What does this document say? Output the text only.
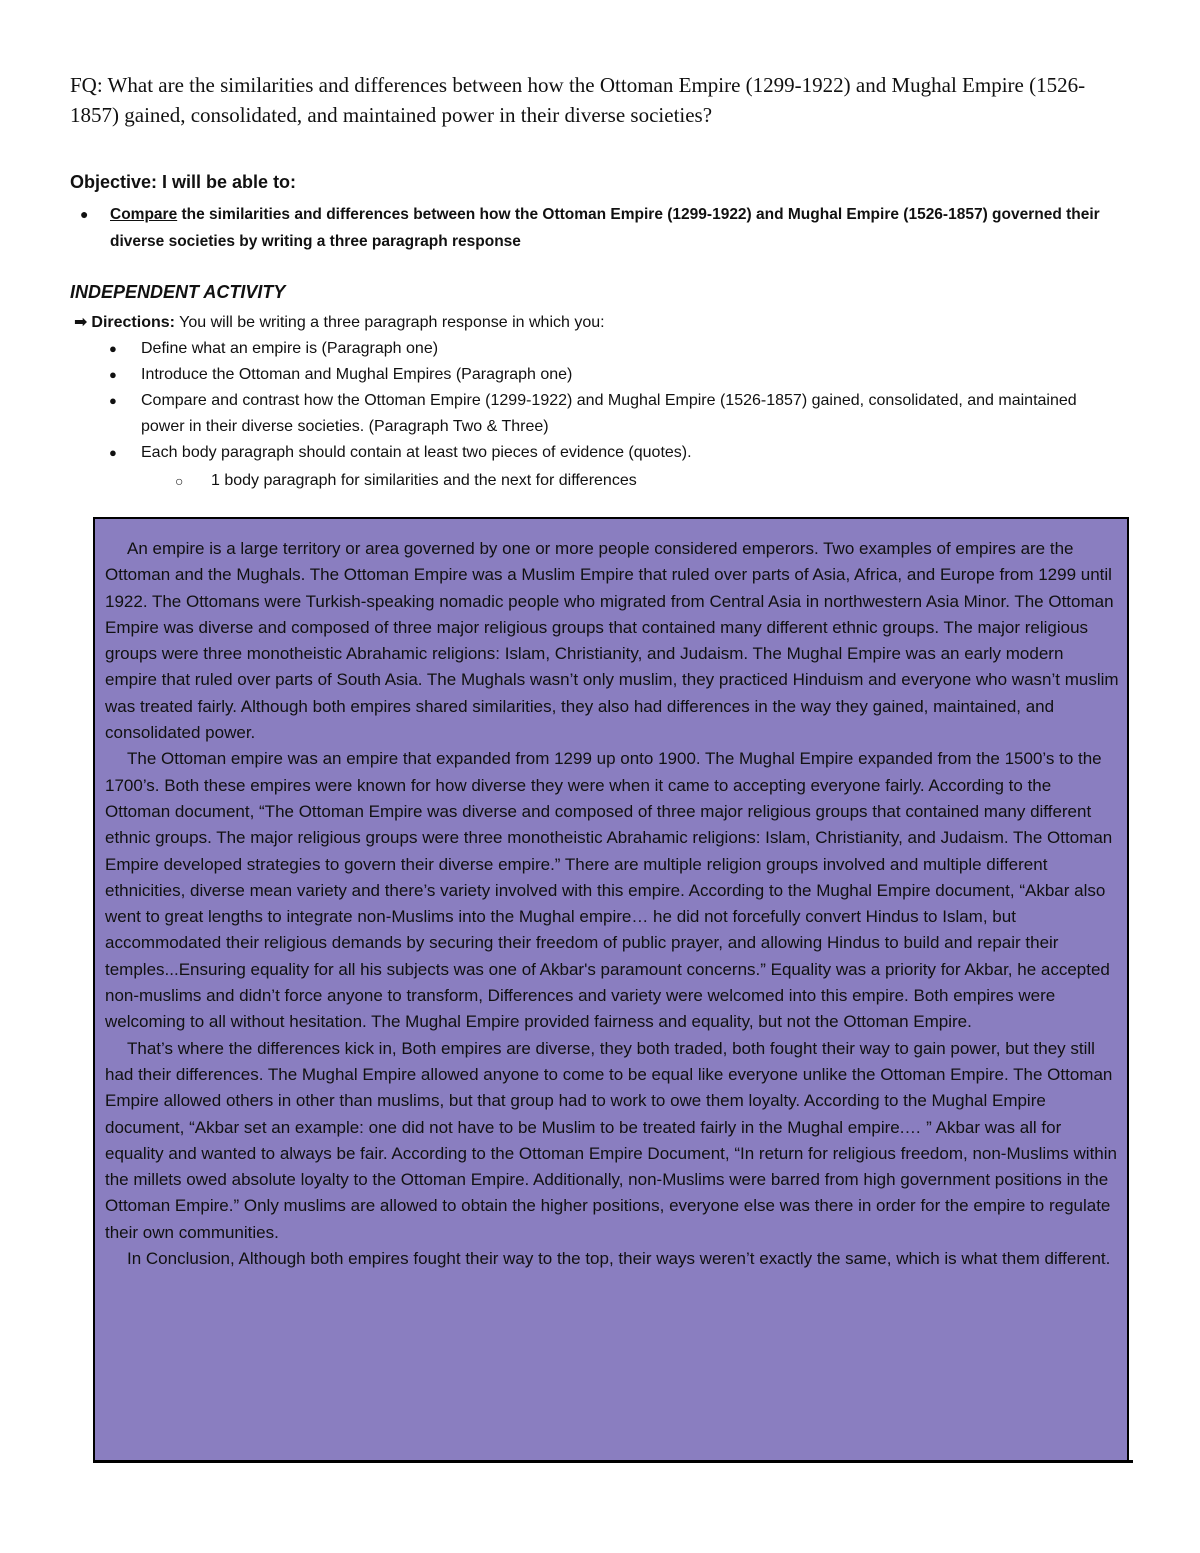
FQ: What are the similarities and differences between how the Ottoman Empire (1299-1922) and Mughal Empire (1526-1857) gained, consolidated, and maintained power in their diverse societies?
Objective: I will be able to:
● Compare the similarities and differences between how the Ottoman Empire (1299-1922) and Mughal Empire (1526-1857) governed their diverse societies by writing a three paragraph response
INDEPENDENT ACTIVITY
➡ Directions: You will be writing a three paragraph response in which you:
● Define what an empire is (Paragraph one)
● Introduce the Ottoman and Mughal Empires (Paragraph one)
● Compare and contrast how the Ottoman Empire (1299-1922) and Mughal Empire (1526-1857) gained, consolidated, and maintained power in their diverse societies. (Paragraph Two & Three)
● Each body paragraph should contain at least two pieces of evidence (quotes).
○ 1 body paragraph for similarities and the next for differences

An empire is a large territory or area governed by one or more people considered emperors. Two examples of empires are the Ottoman and the Mughals. The Ottoman Empire was a Muslim Empire that ruled over parts of Asia, Africa, and Europe from 1299 until 1922. The Ottomans were Turkish-speaking nomadic people who migrated from Central Asia in northwestern Asia Minor. The Ottoman Empire was diverse and composed of three major religious groups that contained many different ethnic groups. The major religious groups were three monotheistic Abrahamic religions: Islam, Christianity, and Judaism. The Mughal Empire was an early modern empire that ruled over parts of South Asia. The Mughals wasn’t only muslim, they practiced Hinduism and everyone who wasn’t muslim was treated fairly. Although both empires shared similarities, they also had differences in the way they gained, maintained, and consolidated power.

The Ottoman empire was an empire that expanded from 1299 up onto 1900. The Mughal Empire expanded from the 1500’s to the 1700’s. Both these empires were known for how diverse they were when it came to accepting everyone fairly. According to the Ottoman document, “The Ottoman Empire was diverse and composed of three major religious groups that contained many different ethnic groups. The major religious groups were three monotheistic Abrahamic religions: Islam, Christianity, and Judaism. The Ottoman Empire developed strategies to govern their diverse empire.” There are multiple religion groups involved and multiple different ethnicities, diverse mean variety and there’s variety involved with this empire. According to the Mughal Empire document, “Akbar also went to great lengths to integrate non-Muslims into the Mughal empire… he did not forcefully convert Hindus to Islam, but accommodated their religious demands by securing their freedom of public prayer, and allowing Hindus to build and repair their temples...Ensuring equality for all his subjects was one of Akbar's paramount concerns.” Equality was a priority for Akbar, he accepted non-muslims and didn’t force anyone to transform, Differences and variety were welcomed into this empire. Both empires were welcoming to all without hesitation. The Mughal Empire provided fairness and equality, but not the Ottoman Empire.

That’s where the differences kick in, Both empires are diverse, they both traded, both fought their way to gain power, but they still had their differences. The Mughal Empire allowed anyone to come to be equal like everyone unlike the Ottoman Empire. The Ottoman Empire allowed others in other than muslims, but that group had to work to owe them loyalty. According to the Mughal Empire document, “Akbar set an example: one did not have to be Muslim to be treated fairly in the Mughal empire.… ” Akbar was all for equality and wanted to always be fair. According to the Ottoman Empire Document, “In return for religious freedom, non-Muslims within the millets owed absolute loyalty to the Ottoman Empire. Additionally, non-Muslims were barred from high government positions in the Ottoman Empire.” Only muslims are allowed to obtain the higher positions, everyone else was there in order for the empire to regulate their own communities.

In Conclusion, Although both empires fought their way to the top, their ways weren’t exactly the same, which is what them different.
